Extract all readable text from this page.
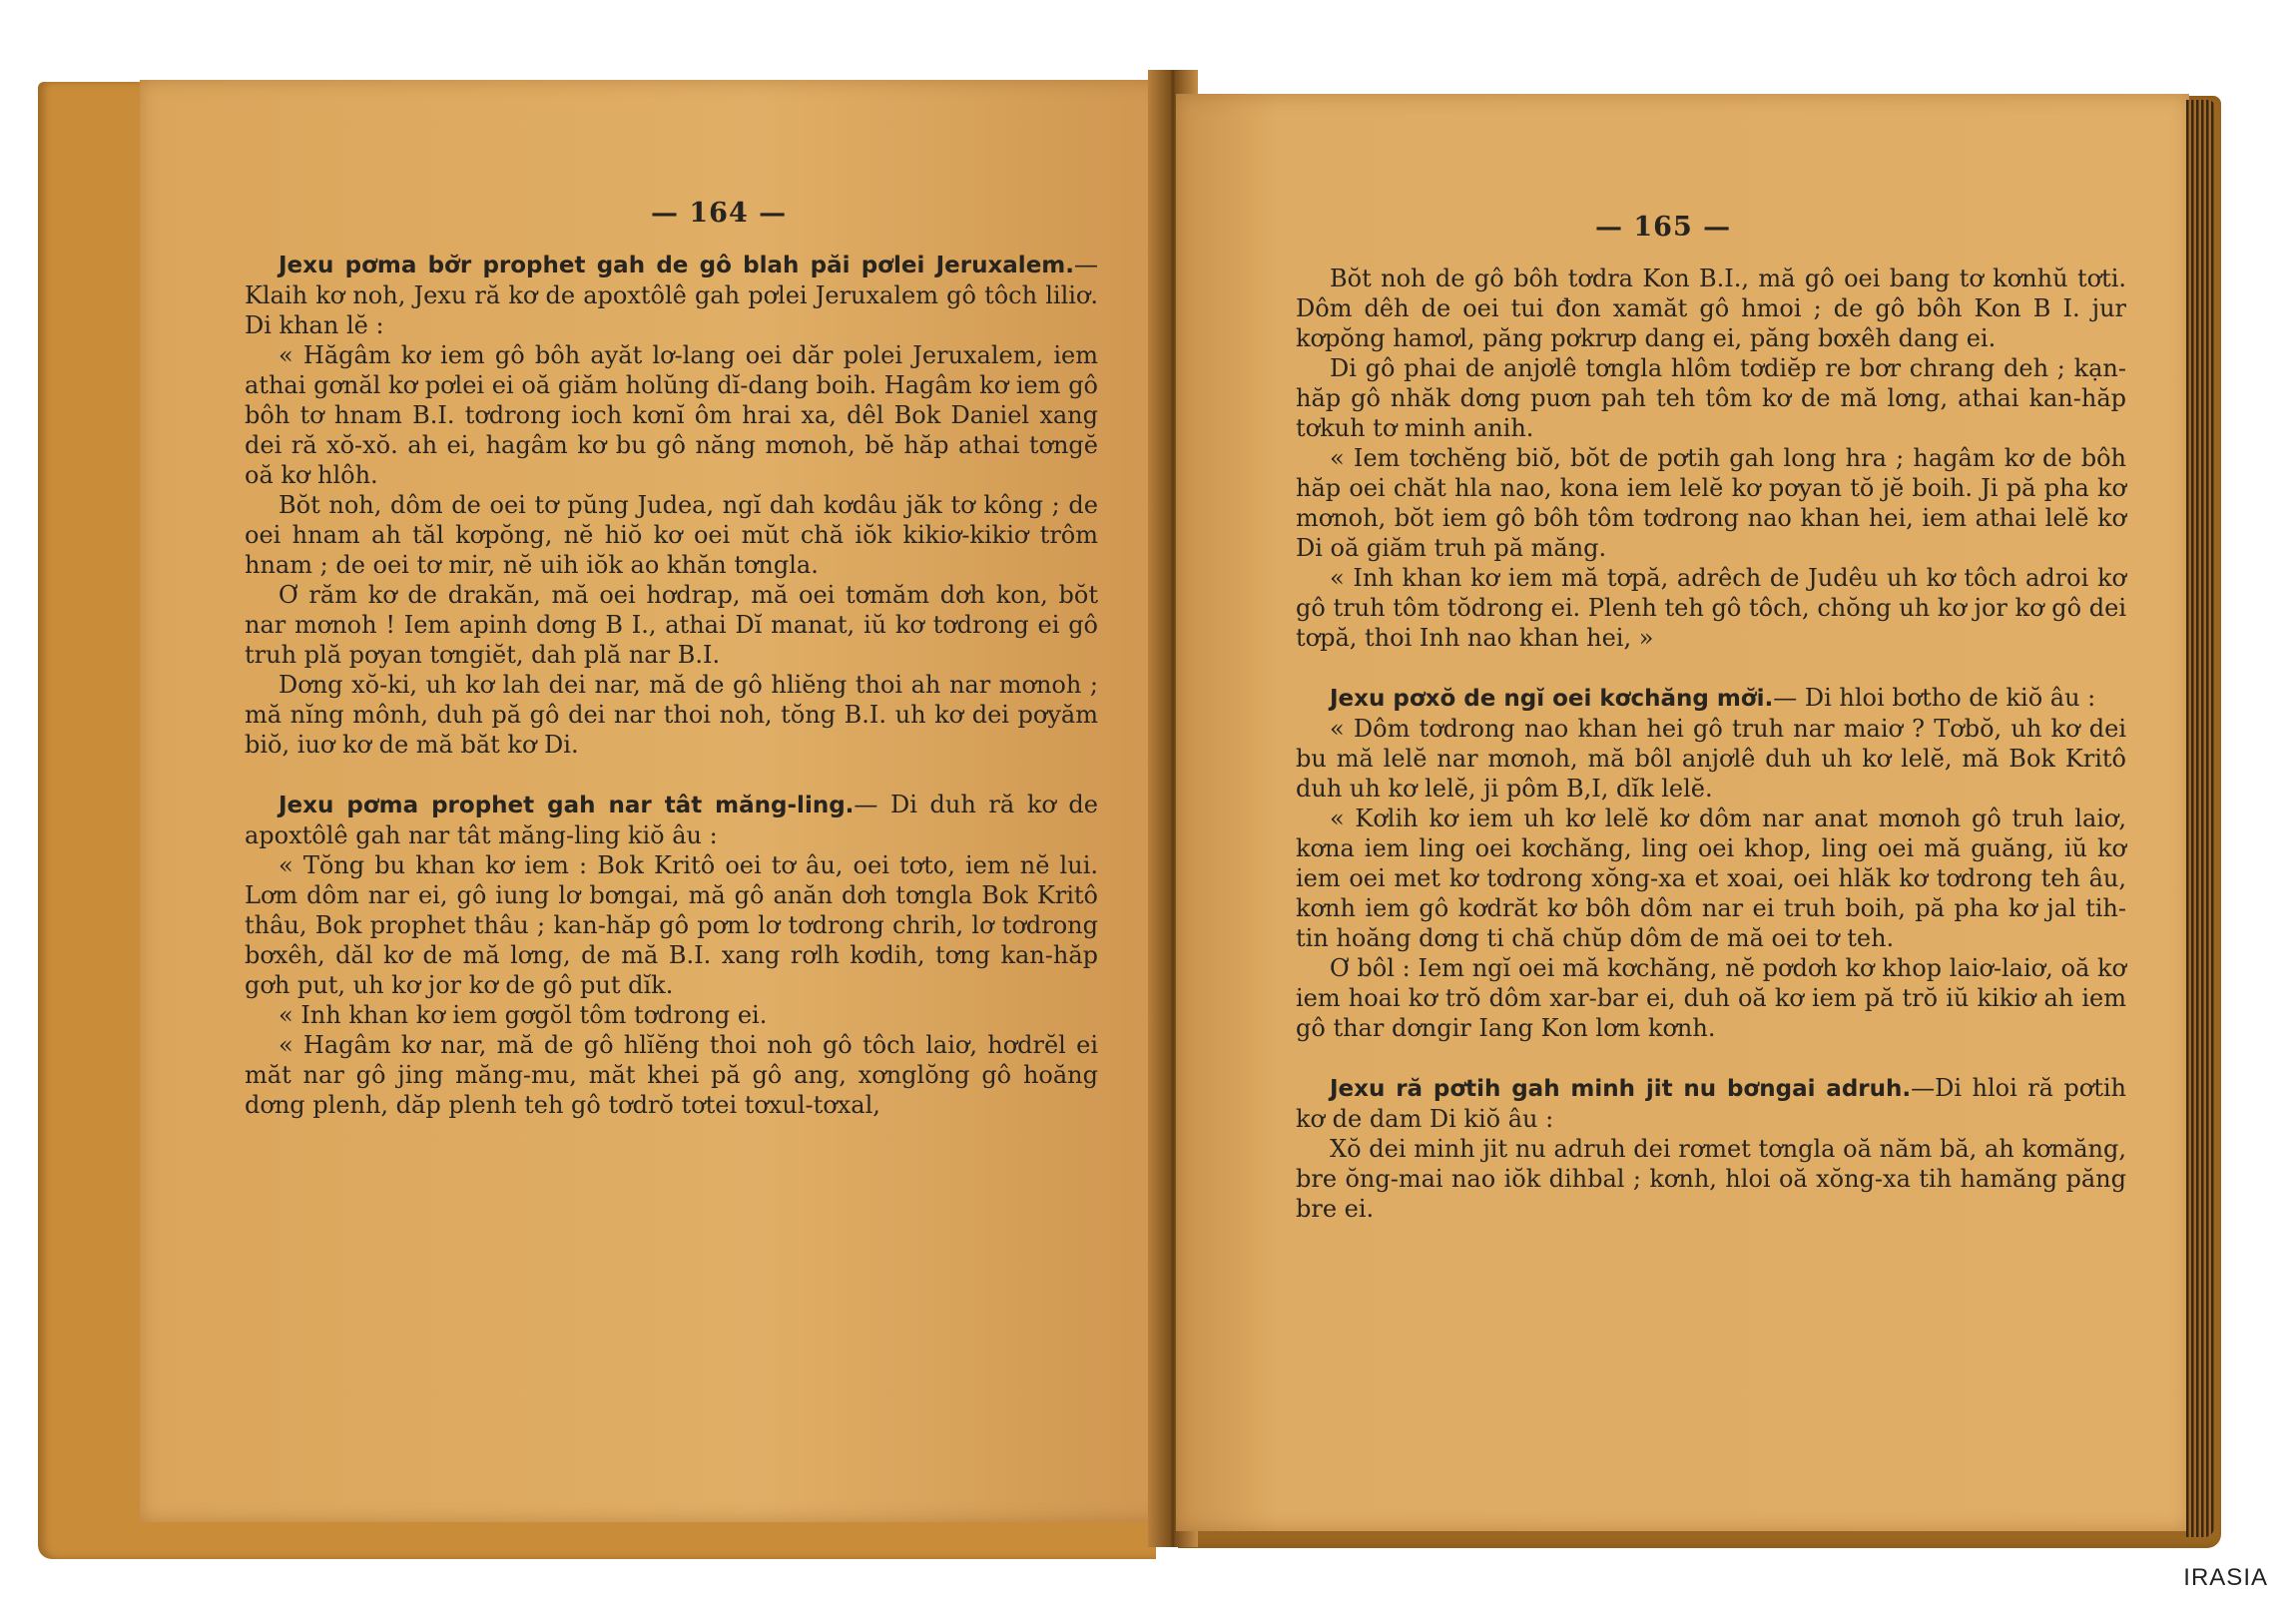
— 164 —

Jexu pơma bơ̆r prophet gah de gô blah păi pơlei Jeruxalem.—Klaih kơ noh, Jexu ră kơ de apoxtôlê gah pơlei Jeruxalem gô tôch liliơ. Di khan lĕ :

« Hăgâm kơ iem gô bôh ayăt lơ-lang oei dăr polei Jeruxalem, iem athai gơnăl kơ pơlei ei oă giăm holŭng dĭ-dang boih. Hagâm kơ iem gô bôh tơ hnam B.I. tơdrong ioch kơnĭ ôm hrai xa, dêl Bok Daniel xang dei ră xŏ-xŏ. ah ei, hagâm kơ bu gô năng mơnoh, bĕ hăp athai tơngĕ oă kơ hlôh.

Bŏt noh, dôm de oei tơ pŭng Judea, ngĭ dah kơdâu jăk tơ kông ; de oei hnam ah tăl kơpŏng, nĕ hiŏ kơ oei mŭt chă iŏk kikiơ-kikiơ trôm hnam ; de oei tơ mir, nĕ uih iŏk ao khăn tơngla.

Ơ răm kơ de drakăn, mă oei hơdrap, mă oei tơmăm dơh kon, bŏt nar mơnoh ! Iem apinh dơng B I., athai Dĭ manat, iŭ kơ tơdrong ei gô truh plă pơyan tơngiĕt, dah plă nar B.I.

Dơng xŏ-ki, uh kơ lah dei nar, mă de gô hliĕng thoi ah nar mơnoh ; mă nĭng mônh, duh pă gô dei nar thoi noh, tŏng B.I. uh kơ dei pơyăm biŏ, iuơ kơ de mă băt kơ Di.

Jexu pơma prophet gah nar tât măng-ling.— Di duh ră kơ de apoxtôlê gah nar tât măng-ling kiŏ âu :

« Tŏng bu khan kơ iem : Bok Kritô oei tơ âu, oei tơto, iem nĕ lui. Lơm dôm nar ei, gô iung lơ bơngai, mă gô anăn dơh tơngla Bok Kritô thâu, Bok prophet thâu ; kan-hăp gô pơm lơ tơdrong chrih, lơ tơdrong bơxêh, dăl kơ de mă lơng, de mă B.I. xang rơlh kơdih, tơng kan-hăp gơh put, uh kơ jor kơ de gô put dĭk.

« Inh khan kơ iem gơgŏl tôm tơdrong ei.

« Hagâm kơ nar, mă de gô hlĭĕng thoi noh gô tôch laiơ, hơdrĕl ei măt nar gô jing măng-mu, măt khei pă gô ang, xơnglŏng gô hoăng dơng plenh, dăp plenh teh gô tơdrŏ tơtei tơxul-tơxal,

— 165 —

Bŏt noh de gô bôh tơdra Kon B.I., mă gô oei bang tơ kơnhŭ tơti. Dôm dêh de oei tui đon xamăt gô hmoi ; de gô bôh Kon B I. jur kơpŏng hamơl, păng pơkrưp dang ei, păng bơxêh dang ei.

Di gô phai de anjơlê tơngla hlôm tơdiĕp re bơr chrang deh ; kạn-hăp gô nhăk dơng puơn pah teh tôm kơ de mă lơng, athai kan-hăp tơkuh tơ minh anih.

« Iem tơchĕng biŏ, bŏt de pơtih gah long hra ; hagâm kơ de bôh hăp oei chăt hla nao, kona iem lelĕ kơ pơyan tŏ jĕ boih. Ji pă pha kơ mơnoh, bŏt iem gô bôh tôm tơdrong nao khan hei, iem athai lelĕ kơ Di oă giăm truh pă măng.

« Inh khan kơ iem mă tơpă, adrêch de Judêu uh kơ tôch adroi kơ gô truh tôm tŏdrong ei. Plenh teh gô tôch, chŏng uh kơ jor kơ gô dei tơpă, thoi Inh nao khan hei, »

Jexu pơxŏ de ngĭ oei kơchăng mơ̆i.— Di hloi bơtho de kiŏ âu :

« Dôm tơdrong nao khan hei gô truh nar maiơ ? Tơbŏ, uh kơ dei bu mă lelĕ nar mơnoh, mă bôl anjơlê duh uh kơ lelĕ, mă Bok Kritô duh uh kơ lelĕ, ji pôm B,I, dĭk lelĕ.

« Kơlih kơ iem uh kơ lelĕ kơ dôm nar anat mơnoh gô truh laiơ, kơna iem ling oei kơchăng, ling oei khop, ling oei mă guăng, iŭ kơ iem oei met kơ tơdrong xŏng-xa et xoai, oei hlăk kơ tơdrong teh âu, kơnh iem gô kơdrăt kơ bôh dôm nar ei truh boih, pă pha kơ jal tih-tin hoăng dơng ti chă chŭp dôm de mă oei tơ teh.

Ơ bôl : Iem ngĭ oei mă kơchăng, nĕ pơdơh kơ khop laiơ-laiơ, oă kơ iem hoai kơ trŏ dôm xar-bar ei, duh oă kơ iem pă trŏ iŭ kikiơ ah iem gô thar dơngir Iang Kon lơm kơnh.

Jexu ră pơtih gah minh jit nu bơngai adruh.—Di hloi ră pơtih kơ de dam Di kiŏ âu :

Xŏ dei minh jit nu adruh dei rơmet tơngla oă năm bă, ah kơmăng, bre ŏng-mai nao iŏk dihbal ; kơnh, hloi oă xŏng-xa tih hamăng păng bre ei.

IRASIA
